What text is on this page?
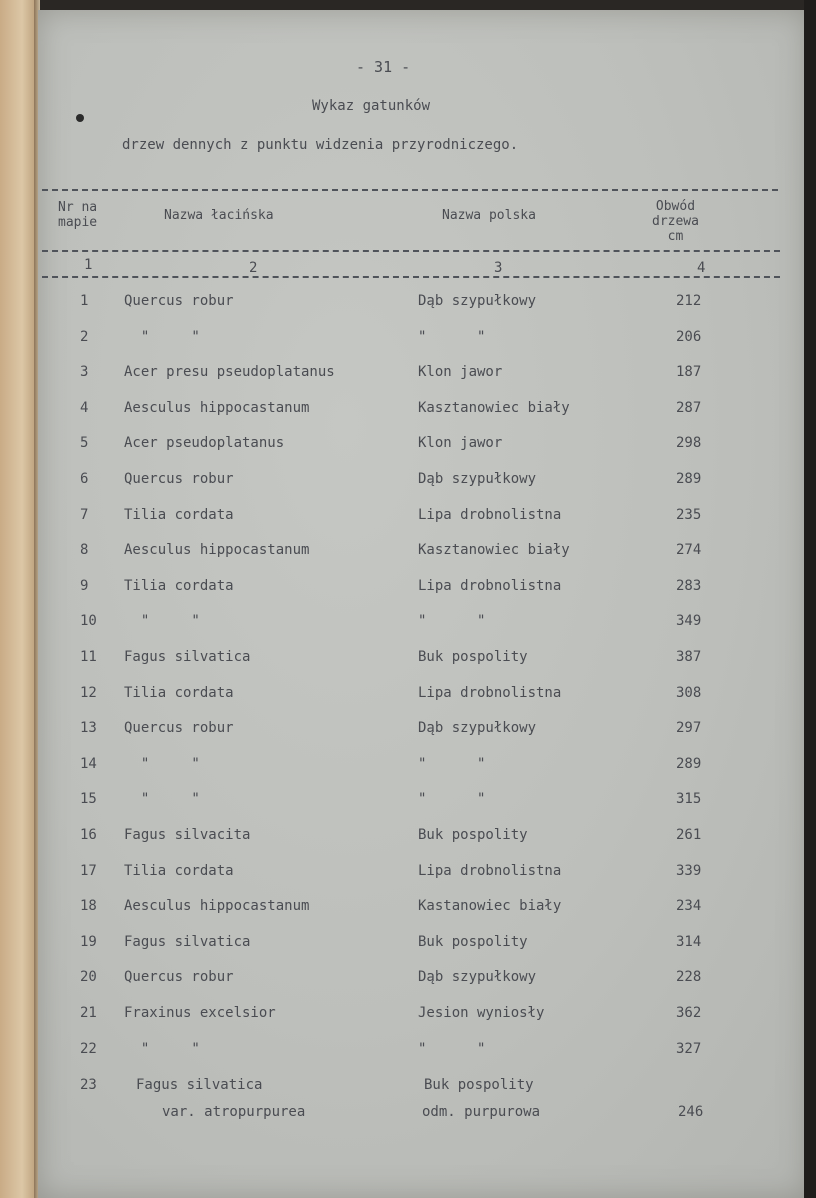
- 31 -
Wykaz gatunków
drzew dennych z punktu widzenia przyrodniczego.
Nr na
mapie	Nazwa łacińska	Nazwa polska
Obwód
drzewa
cm
1	2	3	4
1	Quercus robur	Dąb szypułkowy	212
2	"     "	"      "	206
3	Acer presu pseudoplatanus	Klon jawor	187
4	Aesculus hippocastanum	Kasztanowiec biały	287
5	Acer pseudoplatanus	Klon jawor	298
6	Quercus robur	Dąb szypułkowy	289
7	Tilia cordata	Lipa drobnolistna	235
8	Aesculus hippocastanum	Kasztanowiec biały	274
9	Tilia cordata	Lipa drobnolistna	283
10 "     "	"      "	349
11 Fagus silvatica	Buk pospolity	387
12 Tilia cordata	Lipa drobnolistna	308
13 Quercus robur	Dąb szypułkowy	297
14 "     "	"      "	289
15 "     "	"      "	315
16 Fagus silvacita	Buk pospolity	261
17 Tilia cordata	Lipa drobnolistna	339
18 Aesculus hippocastanum	Kastanowiec biały	234
19 Fagus silvatica	Buk pospolity	314
20 Quercus robur	Dąb szypułkowy	228
21 Fraxinus excelsior	Jesion wyniosły	362
22 "     "	"      "	327
23	Fagus silvatica	Buk pospolity
var. atropurpurea	odm. purpurowa	246
